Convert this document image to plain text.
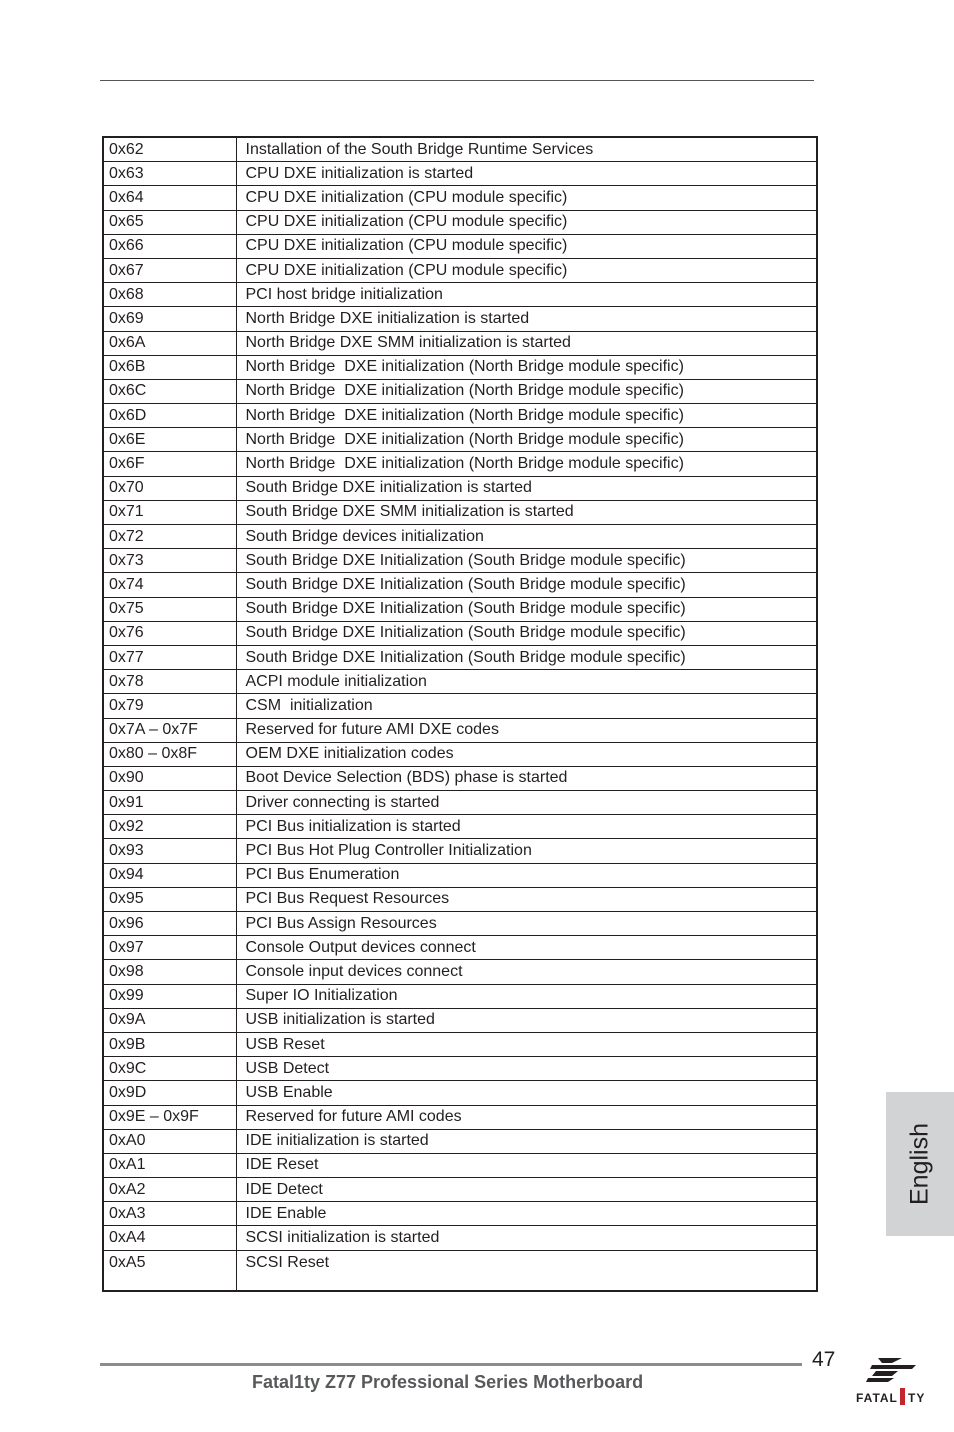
0x62	Installation of the South Bridge Runtime Services
0x63	CPU DXE initialization is started
0x64	CPU DXE initialization (CPU module specific)
0x65	CPU DXE initialization (CPU module specific)
0x66	CPU DXE initialization (CPU module specific)
0x67	CPU DXE initialization (CPU module specific)
0x68	PCI host bridge initialization
0x69	North Bridge DXE initialization is started
0x6A	North Bridge DXE SMM initialization is started
0x6B	North Bridge  DXE initialization (North Bridge module specific)
0x6C	North Bridge  DXE initialization (North Bridge module specific)
0x6D	North Bridge  DXE initialization (North Bridge module specific)
0x6E	North Bridge  DXE initialization (North Bridge module specific)
0x6F	North Bridge  DXE initialization (North Bridge module specific)
0x70	South Bridge DXE initialization is started
0x71	South Bridge DXE SMM initialization is started
0x72	South Bridge devices initialization
0x73	South Bridge DXE Initialization (South Bridge module specific)
0x74	South Bridge DXE Initialization (South Bridge module specific)
0x75	South Bridge DXE Initialization (South Bridge module specific)
0x76	South Bridge DXE Initialization (South Bridge module specific)
0x77	South Bridge DXE Initialization (South Bridge module specific)
0x78	ACPI module initialization
0x79	CSM  initialization
0x7A – 0x7F	Reserved for future AMI DXE codes
0x80 – 0x8F	OEM DXE initialization codes
0x90	Boot Device Selection (BDS) phase is started
0x91	Driver connecting is started
0x92	PCI Bus initialization is started
0x93	PCI Bus Hot Plug Controller Initialization
0x94	PCI Bus Enumeration
0x95	PCI Bus Request Resources
0x96	PCI Bus Assign Resources
0x97	Console Output devices connect
0x98	Console input devices connect
0x99	Super IO Initialization
0x9A	USB initialization is started
0x9B	USB Reset
0x9C	USB Detect
0x9D	USB Enable
0x9E – 0x9F	Reserved for future AMI codes
0xA0	IDE initialization is started
0xA1	IDE Reset
0xA2	IDE Detect
0xA3	IDE Enable
0xA4	SCSI initialization is started
0xA5	SCSI Reset
English
47
Fatal1ty Z77 Professional Series Motherboard
FATAL TY
